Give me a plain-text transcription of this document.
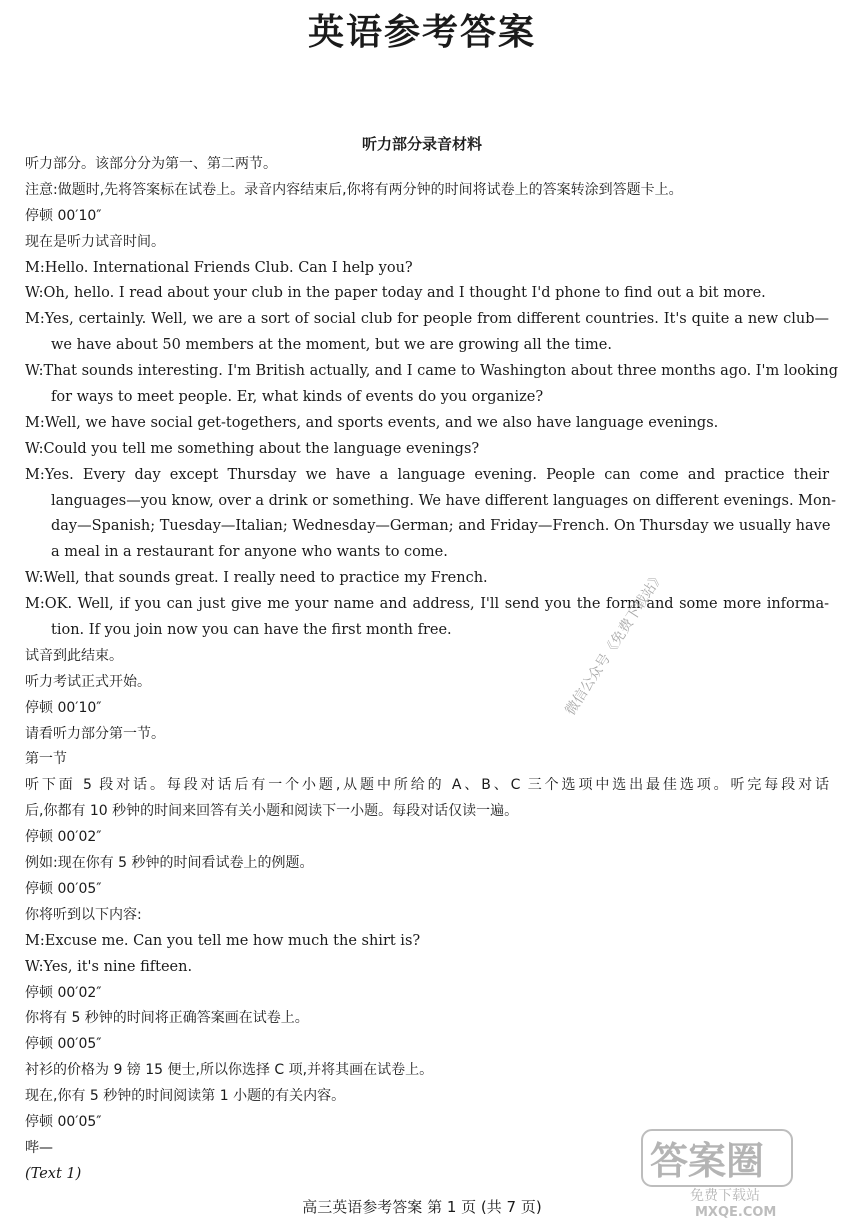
英语参考答案
听力部分录音材料
听力部分。该部分分为第一、第二两节。
注意:做题时,先将答案标在试卷上。录音内容结束后,你将有两分钟的时间将试卷上的答案转涂到答题卡上。
停顿 00′10″
现在是听力试音时间。
M:Hello. International Friends Club. Can I help you?
W:Oh, hello. I read about your club in the paper today and I thought I'd phone to find out a bit more.
M:Yes, certainly. Well, we are a sort of social club for people from different countries. It's quite a new club—
we have about 50 members at the moment, but we are growing all the time.
W:That sounds interesting. I'm British actually, and I came to Washington about three months ago. I'm looking
for ways to meet people. Er, what kinds of events do you organize?
M:Well, we have social get-togethers, and sports events, and we also have language evenings.
W:Could you tell me something about the language evenings?
M:Yes. Every day except Thursday we have a language evening. People can come and practice their
languages—you know, over a drink or something. We have different languages on different evenings. Mon-
day—Spanish; Tuesday—Italian; Wednesday—German; and Friday—French. On Thursday we usually have
a meal in a restaurant for anyone who wants to come.
W:Well, that sounds great. I really need to practice my French.
M:OK. Well, if you can just give me your name and address, I'll send you the form and some more informa-
tion. If you join now you can have the first month free.
试音到此结束。
听力考试正式开始。
停顿 00′10″
请看听力部分第一节。
第一节
听下面 5 段对话。每段对话后有一个小题,从题中所给的 A、B、C 三个选项中选出最佳选项。听完每段对话
后,你都有 10 秒钟的时间来回答有关小题和阅读下一小题。每段对话仅读一遍。
停顿 00′02″
例如:现在你有 5 秒钟的时间看试卷上的例题。
停顿 00′05″
你将听到以下内容:
M:Excuse me. Can you tell me how much the shirt is?
W:Yes, it's nine fifteen.
停顿 00′02″
你将有 5 秒钟的时间将正确答案画在试卷上。
停顿 00′05″
衬衫的价格为 9 镑 15 便士,所以你选择 C 项,并将其画在试卷上。
现在,你有 5 秒钟的时间阅读第 1 小题的有关内容。
停顿 00′05″
哔—
(Text 1)
微信公众号《免费下载站》
答案圈
免费下载站
MXQE.COM
高三英语参考答案 第 1 页 (共 7 页)
